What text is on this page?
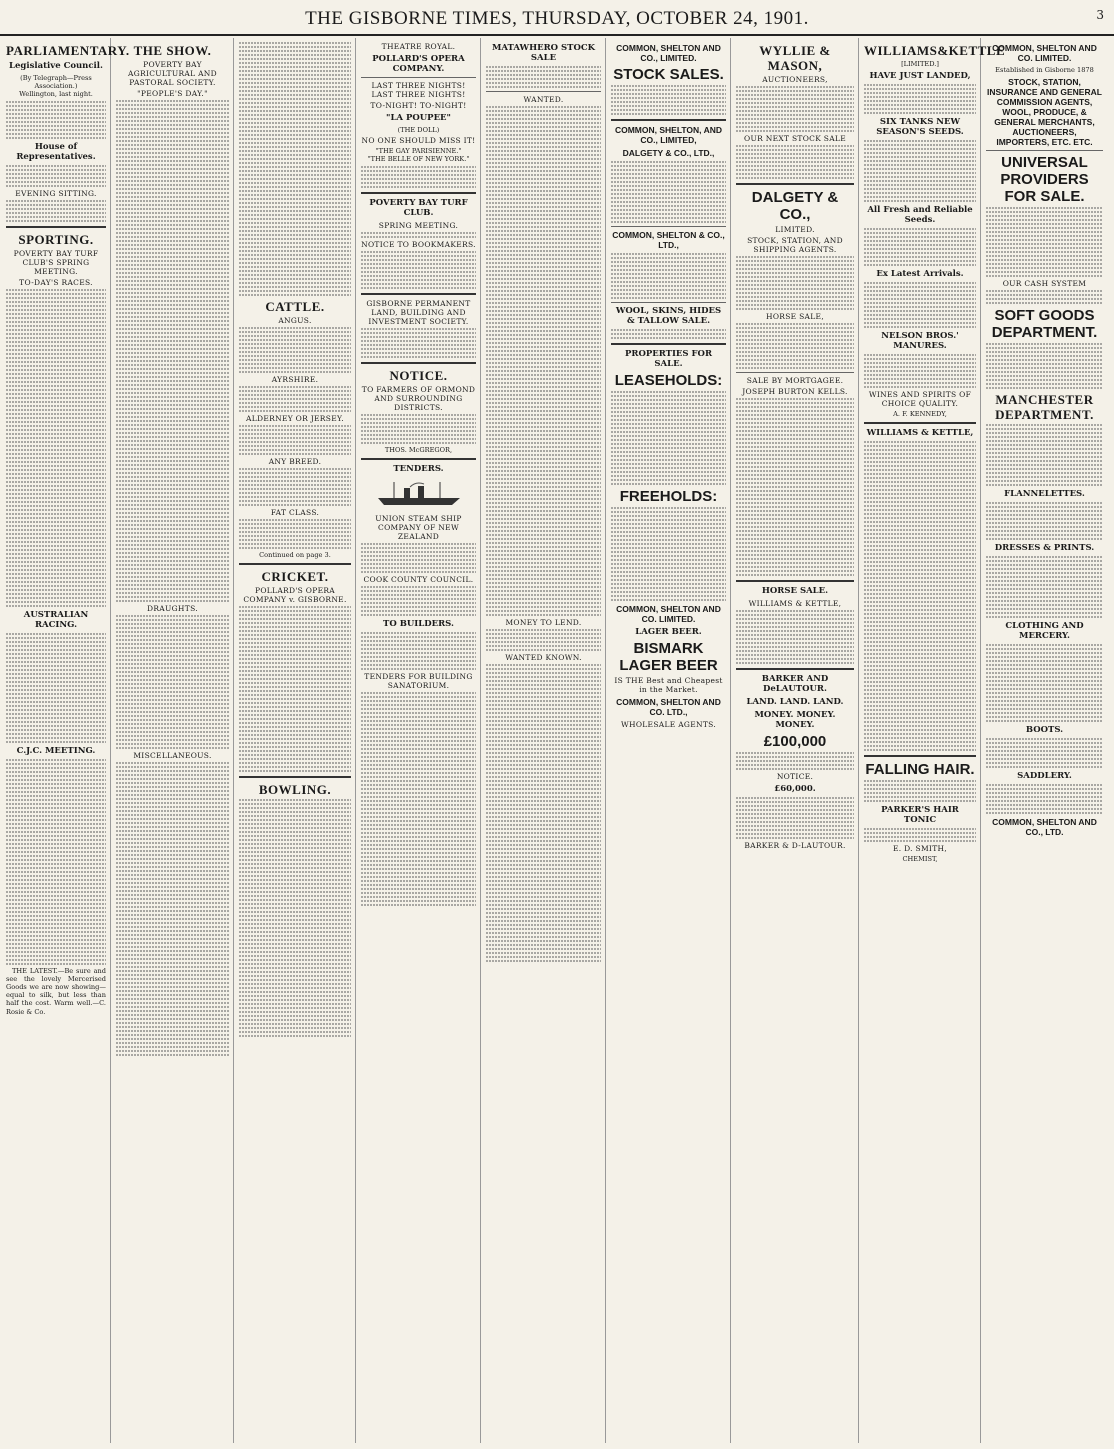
THE GISBORNE TIMES, THURSDAY, OCTOBER 24, 1901.	3
PARLIAMENTARY.
Legislative Council.
(By Telegraph—Press Association.)
Wellington, last night.
House of Representatives.
EVENING SITTING.
SPORTING.
POVERTY BAY TURF CLUB'S SPRING MEETING.
TO-DAY'S RACES.
AUSTRALIAN RACING.
C.J.C. MEETING.
THE LATEST.—Be sure and see the lovely Mercerised Goods we are now showing—equal to silk, but less than half the cost. Warm well.—C. Rosie & Co.
THE SHOW.
POVERTY BAY AGRICULTURAL AND PASTORAL SOCIETY.
"PEOPLE'S DAY."
DRAUGHTS.
MISCELLANEOUS.
CATTLE.
ANGUS.
AYRSHIRE.
ALDERNEY OR JERSEY.
ANY BREED.
FAT CLASS.
Continued on page 3.
CRICKET.
POLLARD'S OPERA COMPANY v. GISBORNE.
BOWLING.
THEATRE ROYAL.
POLLARD'S OPERA COMPANY.
LAST THREE NIGHTS! LAST THREE NIGHTS!
TO-NIGHT! TO-NIGHT!
"LA POUPEE"
(THE DOLL)
NO ONE SHOULD MISS IT!
"THE GAY PARISIENNE."
"THE BELLE OF NEW YORK."
POVERTY BAY TURF CLUB.
SPRING MEETING.
NOTICE TO BOOKMAKERS.
GISBORNE PERMANENT LAND, BUILDING AND INVESTMENT SOCIETY.
NOTICE.
TO FARMERS OF ORMOND AND SURROUNDING DISTRICTS.
THOS. McGREGOR,
TENDERS.
UNION STEAM SHIP COMPANY OF NEW ZEALAND
COOK COUNTY COUNCIL.
TO BUILDERS.
TENDERS FOR BUILDING SANATORIUM.
MATAWHERO STOCK SALE
WANTED.
MONEY TO LEND.
WANTED KNOWN.
COMMON, SHELTON AND CO., LIMITED.
STOCK SALES.
COMMON, SHELTON, AND CO., LIMITED,
DALGETY & CO., LTD.,
COMMON, SHELTON & CO., LTD.,
WOOL, SKINS, HIDES & TALLOW SALE.
PROPERTIES FOR SALE.
LEASEHOLDS:
FREEHOLDS:
COMMON, SHELTON AND CO. LIMITED.
LAGER BEER.
BISMARK LAGER BEER
IS THE Best and Cheapest in the Market.
COMMON, SHELTON AND CO. LTD.,
WHOLESALE AGENTS.
WYLLIE & MASON,
AUCTIONEERS,
OUR NEXT STOCK SALE
DALGETY & CO.,
LIMITED.
STOCK, STATION, AND SHIPPING AGENTS.
HORSE SALE,
SALE BY MORTGAGEE.
JOSEPH BURTON KELLS.
HORSE SALE.
WILLIAMS & KETTLE,
BARKER AND DeLAUTOUR.
LAND. LAND. LAND.
MONEY. MONEY. MONEY.
£100,000
NOTICE.
£60,000.
BARKER & D-LAUTOUR.
WILLIAMS&KETTLE
[LIMITED.]
HAVE JUST LANDED,
SIX TANKS NEW SEASON'S SEEDS.
All Fresh and Reliable Seeds.
Ex Latest Arrivals.
NELSON BROS.' MANURES.
WINES AND SPIRITS OF CHOICE QUALITY.
A. F. KENNEDY,
WILLIAMS & KETTLE,
FALLING HAIR.
PARKER'S HAIR TONIC
E. D. SMITH,
CHEMIST,
COMMON, SHELTON AND CO. LIMITED.
Established in Gisborne 1878
STOCK, STATION, INSURANCE AND GENERAL COMMISSION AGENTS, WOOL, PRODUCE, & GENERAL MERCHANTS, AUCTIONEERS, IMPORTERS, ETC. ETC.
UNIVERSAL PROVIDERS FOR SALE.
OUR CASH SYSTEM
SOFT GOODS DEPARTMENT.
MANCHESTER DEPARTMENT.
FLANNELETTES.
DRESSES & PRINTS.
CLOTHING AND MERCERY.
BOOTS.
SADDLERY.
COMMON, SHELTON AND CO., LTD.
